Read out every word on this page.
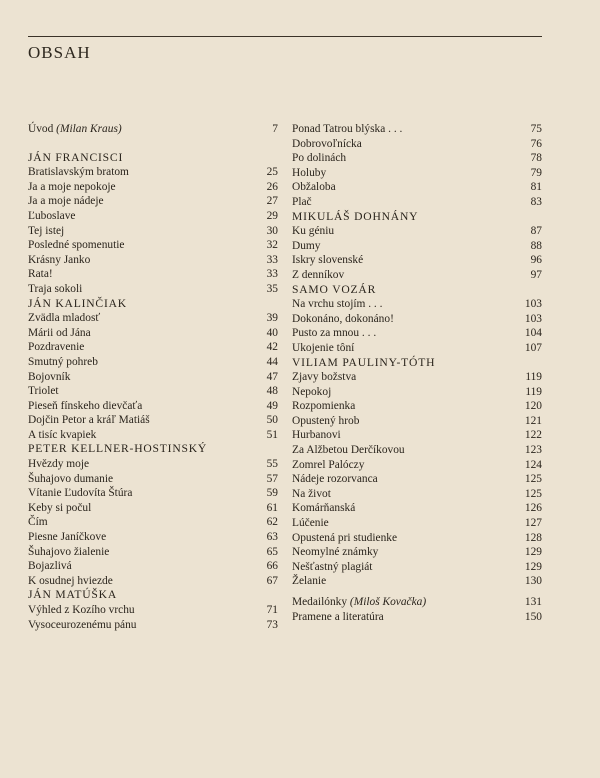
OBSAH
Úvod (Milan Kraus)	7
JÁN FRANCISCI
Bratislavským bratom	25
Ja a moje nepokoje	26
Ja a moje nádeje	27
Ľuboslave	29
Tej istej	30
Posledné spomenutie	32
Krásny Janko	33
Rata!	33
Traja sokoli	35
JÁN KALINČIAK
Zvädla mladosť	39
Márii od Jána	40
Pozdravenie	42
Smutný pohreb	44
Bojovník	47
Triolet	48
Pieseň fínskeho dievčaťa	49
Dojčin Petor a kráľ Matiáš	50
A tisíc kvapiek	51
PETER KELLNER-HOSTINSKÝ
Hvězdy moje	55
Šuhajovo dumanie	57
Vítanie Ľudovíta Štúra	59
Keby si počul	61
Čím	62
Piesne Janíčkove	63
Šuhajovo žialenie	65
Bojazlivá	66
K osudnej hviezde	67
JÁN MATÚŠKA
Výhled z Kozího vrchu	71
Vysoceurozenému pánu	73
Ponad Tatrou blýska . . .	75
Dobrovoľnícka	76
Po dolinách	78
Holuby	79
Obžaloba	81
Plač	83
MIKULÁŠ DOHNÁNY
Ku géniu	87
Dumy	88
Iskry slovenské	96
Z denníkov	97
SAMO VOZÁR
Na vrchu stojím . . .	103
Dokonáno, dokonáno!	103
Pusto za mnou . . .	104
Ukojenie tôní	107
VILIAM PAULINY-TÓTH
Zjavy božstva	119
Nepokoj	119
Rozpomienka	120
Opustený hrob	121
Hurbanovi	122
Za Alžbetou Derčíkovou	123
Zomrel Palóczy	124
Nádeje rozorvanca	125
Na život	125
Komárňanská	126
Lúčenie	127
Opustená pri studienke	128
Neomylné známky	129
Nešťastný plagiát	129
Želanie	130
Medailónky (Miloš Kovačka)	131
Pramene a literatúra	150
